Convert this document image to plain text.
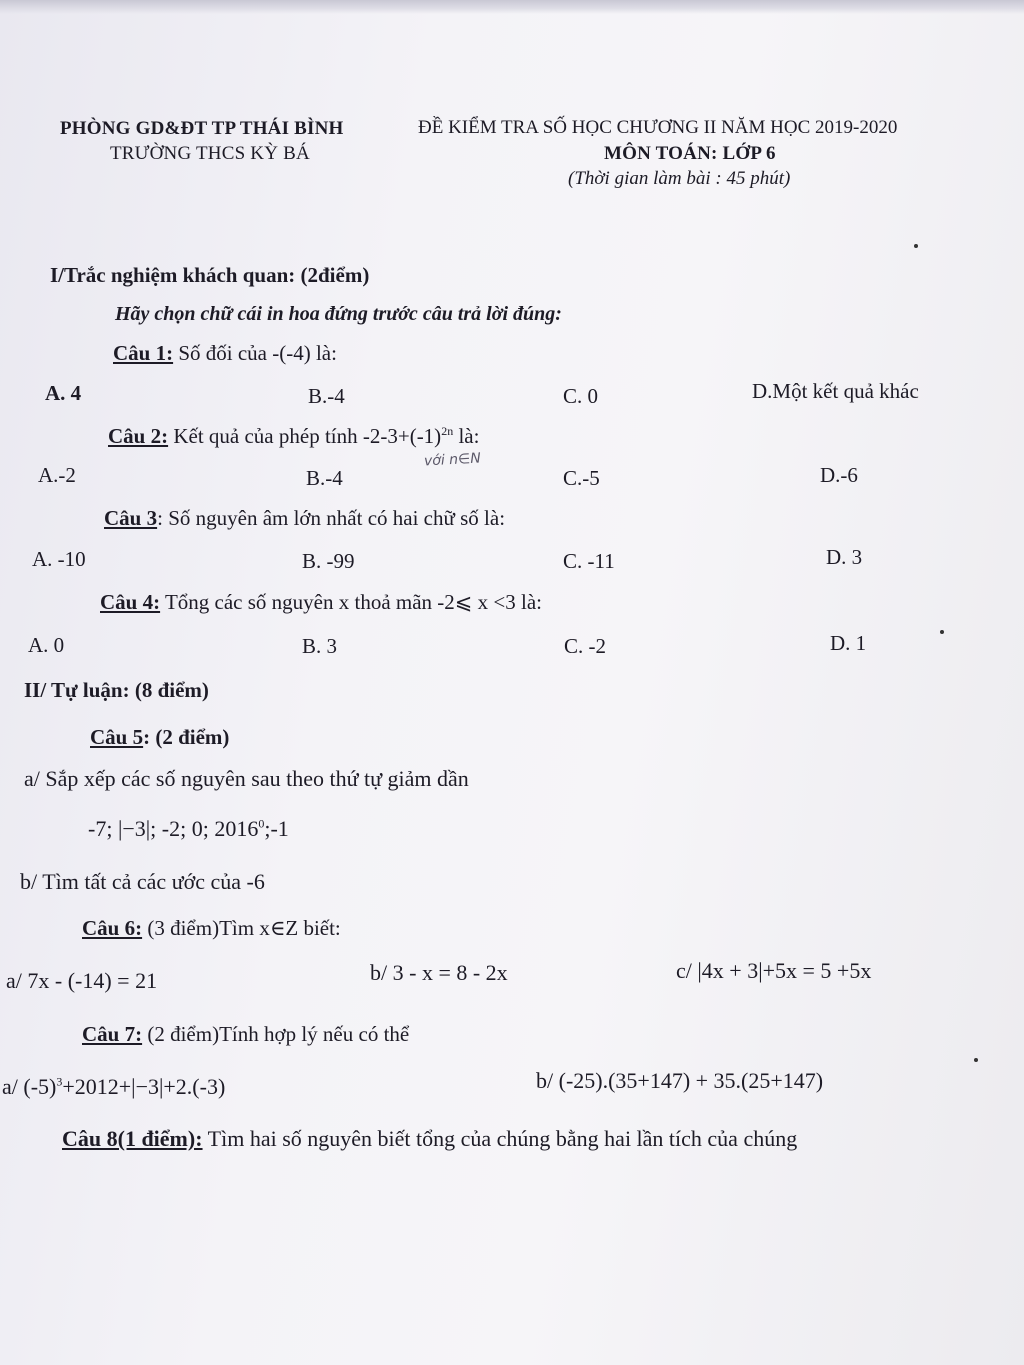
PHÒNG GD&ĐT TP THÁI BÌNH
TRƯỜNG THCS KỲ BÁ
ĐỀ KIỂM TRA SỐ HỌC CHƯƠNG II NĂM HỌC 2019-2020
MÔN TOÁN: LỚP 6
(Thời gian làm bài : 45 phút)
I/Trắc nghiệm khách quan: (2điểm)
Hãy chọn chữ cái in hoa đứng trước câu trả lời đúng:
Câu 1: Số đối của -(-4) là:
A. 4	B.-4	C. 0	D.Một kết quả khác
Câu 2: Kết quả của phép tính $-2-3+(-1)^{2n}$ là:
với n∈N
A.-2	B.-4	C.-5	D.-6
Câu 3: Số nguyên âm lớn nhất có hai chữ số là:
A. -10	B. -99	C. -11	D. 3
Câu 4: Tổng các số nguyên x thoả mãn -2⩽ x <3 là:
A. 0	B. 3	C. -2	D. 1
II/ Tự luận: (8 điểm)
Câu 5: (2 điểm)
a/ Sắp xếp các số nguyên sau theo thứ tự giảm dần
-7; |−3|; -2; 0; 2016$^0$;-1
b/ Tìm tất cả các ước của -6
Câu 6: (3 điểm)Tìm x∈Z biết:
a/ 7x - (-14) = 21	b/ 3 - x = 8 - 2x	c/ |4x + 3|+5x = 5 +5x
Câu 7: (2 điểm)Tính hợp lý nếu có thể
a/ $(-5)^3+2012+|-3|+2.(-3)$	b/ (-25).(35+147) + 35.(25+147)
Câu 8(1 điểm): Tìm hai số nguyên biết tổng của chúng bằng hai lần tích của chúng
